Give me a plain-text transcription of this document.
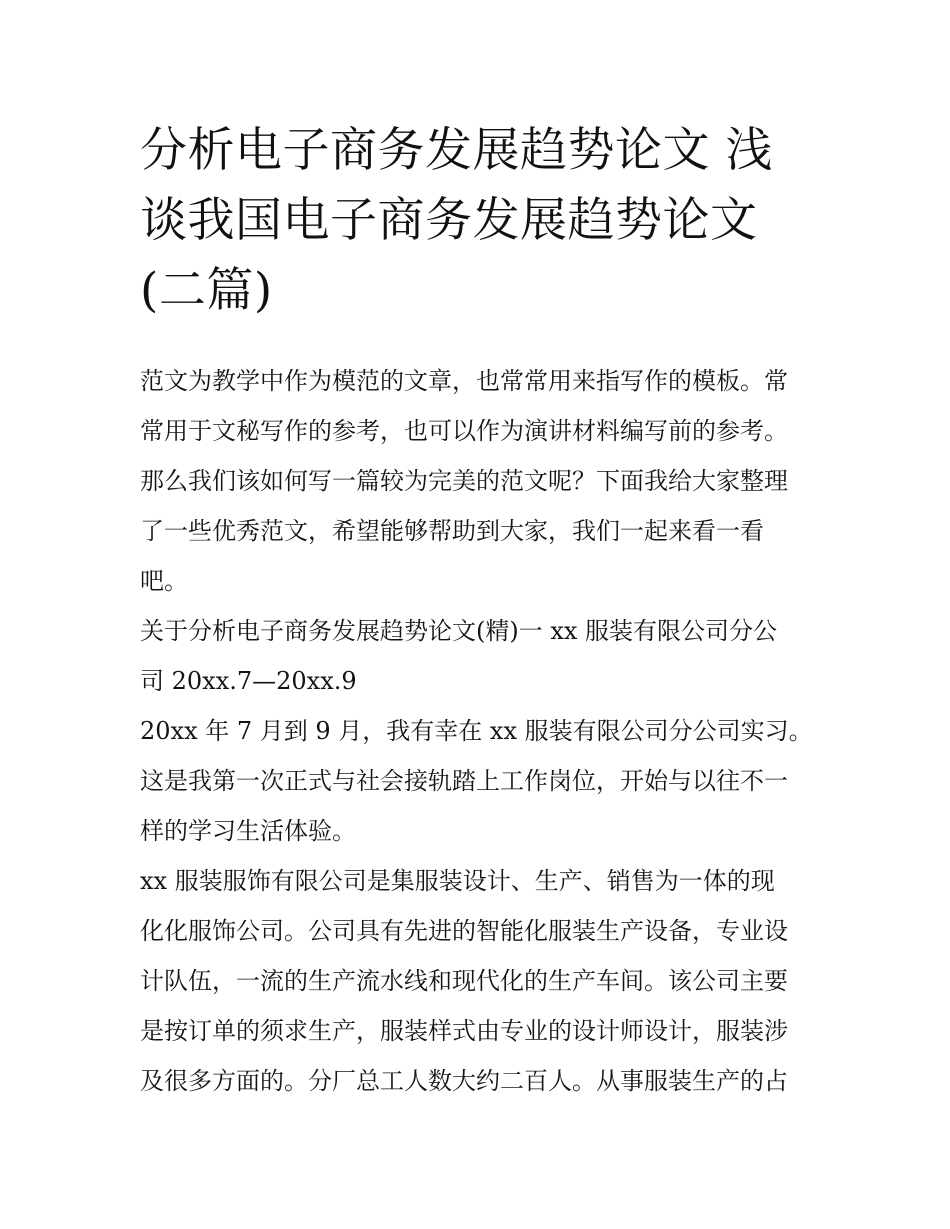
分析电子商务发展趋势论文 浅
谈我国电子商务发展趋势论文
(二篇)
范文为教学中作为模范的文章，也常常用来指写作的模板。常
常用于文秘写作的参考，也可以作为演讲材料编写前的参考。
那么我们该如何写一篇较为完美的范文呢？下面我给大家整理
了一些优秀范文，希望能够帮助到大家，我们一起来看一看
吧。
关于分析电子商务发展趋势论文(精)一 xx 服装有限公司分公
司 20xx.7—20xx.9
20xx 年 7 月到 9 月，我有幸在 xx 服装有限公司分公司实习。
这是我第一次正式与社会接轨踏上工作岗位，开始与以往不一
样的学习生活体验。
xx 服装服饰有限公司是集服装设计、生产、销售为一体的现
化化服饰公司。公司具有先进的智能化服装生产设备，专业设
计队伍，一流的生产流水线和现代化的生产车间。该公司主要
是按订单的须求生产，服装样式由专业的设计师设计，服装涉
及很多方面的。分厂总工人数大约二百人。从事服装生产的占
